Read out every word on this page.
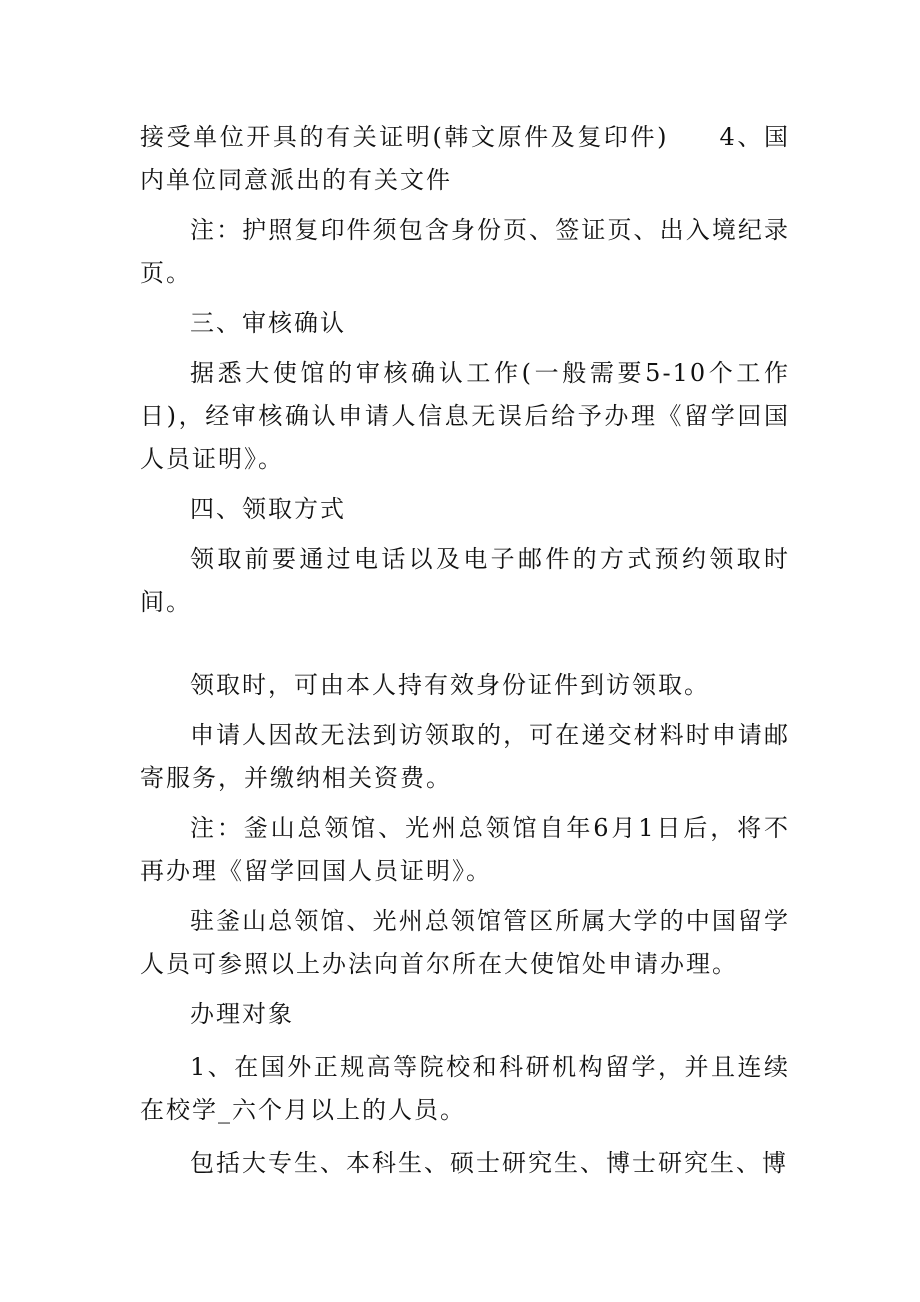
接受单位开具的有关证明(韩文原件及复印件)     4、国内单位同意派出的有关文件

注：护照复印件须包含身份页、签证页、出入境纪录页。

三、审核确认

据悉大使馆的审核确认工作(一般需要5-10个工作日)，经审核确认申请人信息无误后给予办理《留学回国人员证明》。

四、领取方式

领取前要通过电话以及电子邮件的方式预约领取时间。

领取时，可由本人持有效身份证件到访领取。

申请人因故无法到访领取的，可在递交材料时申请邮寄服务，并缴纳相关资费。

注：釜山总领馆、光州总领馆自年6月1日后，将不再办理《留学回国人员证明》。

驻釜山总领馆、光州总领馆管区所属大学的中国留学人员可参照以上办法向首尔所在大使馆处申请办理。

办理对象

1、在国外正规高等院校和科研机构留学，并且连续在校学_六个月以上的人员。

包括大专生、本科生、硕士研究生、博士研究生、博
